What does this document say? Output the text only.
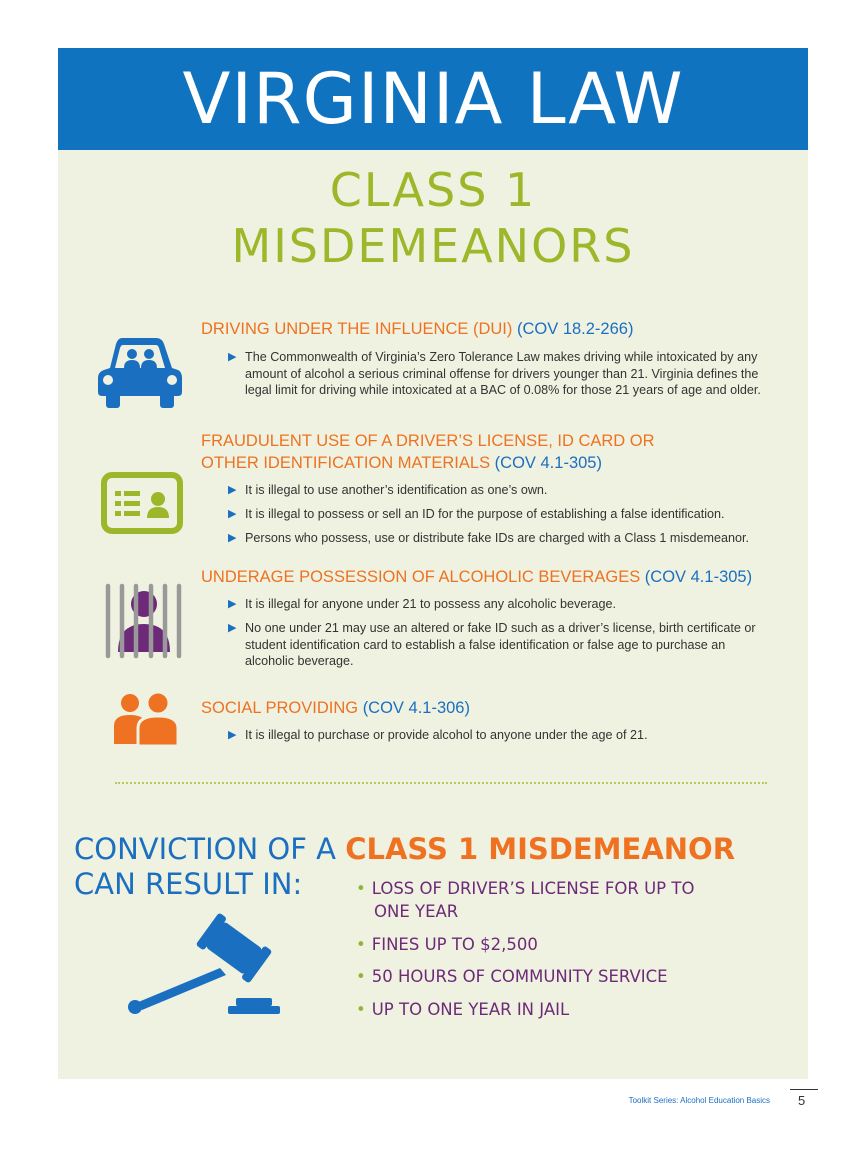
VIRGINIA LAW
CLASS 1
MISDEMEANORS
DRIVING UNDER THE INFLUENCE (DUI) (COV 18.2-266)
▶ The Commonwealth of Virginia’s Zero Tolerance Law makes driving while intoxicated by any amount of alcohol a serious criminal offense for drivers younger than 21. Virginia defines the legal limit for driving while intoxicated at a BAC of 0.08% for those 21 years of age and older.
FRAUDULENT USE OF A DRIVER’S LICENSE, ID CARD OR
OTHER IDENTIFICATION MATERIALS (COV 4.1-305)
▶ It is illegal to use another’s identification as one’s own.
▶ It is illegal to possess or sell an ID for the purpose of establishing a false identification.
▶ Persons who possess, use or distribute fake IDs are charged with a Class 1 misdemeanor.
UNDERAGE POSSESSION OF ALCOHOLIC BEVERAGES (COV 4.1-305)
▶ It is illegal for anyone under 21 to possess any alcoholic beverage.
▶ No one under 21 may use an altered or fake ID such as a driver’s license, birth certificate or student identification card to establish a false identification or false age to purchase an alcoholic beverage.
SOCIAL PROVIDING (COV 4.1-306)
▶ It is illegal to purchase or provide alcohol to anyone under the age of 21.
CONVICTION OF A CLASS 1 MISDEMEANOR
CAN RESULT IN:	• LOSS OF DRIVER’S LICENSE FOR UP TO
ONE YEAR
• FINES UP TO $2,500
• 50 HOURS OF COMMUNITY SERVICE
• UP TO ONE YEAR IN JAIL
Toolkit Series: Alcohol Education Basics 5
